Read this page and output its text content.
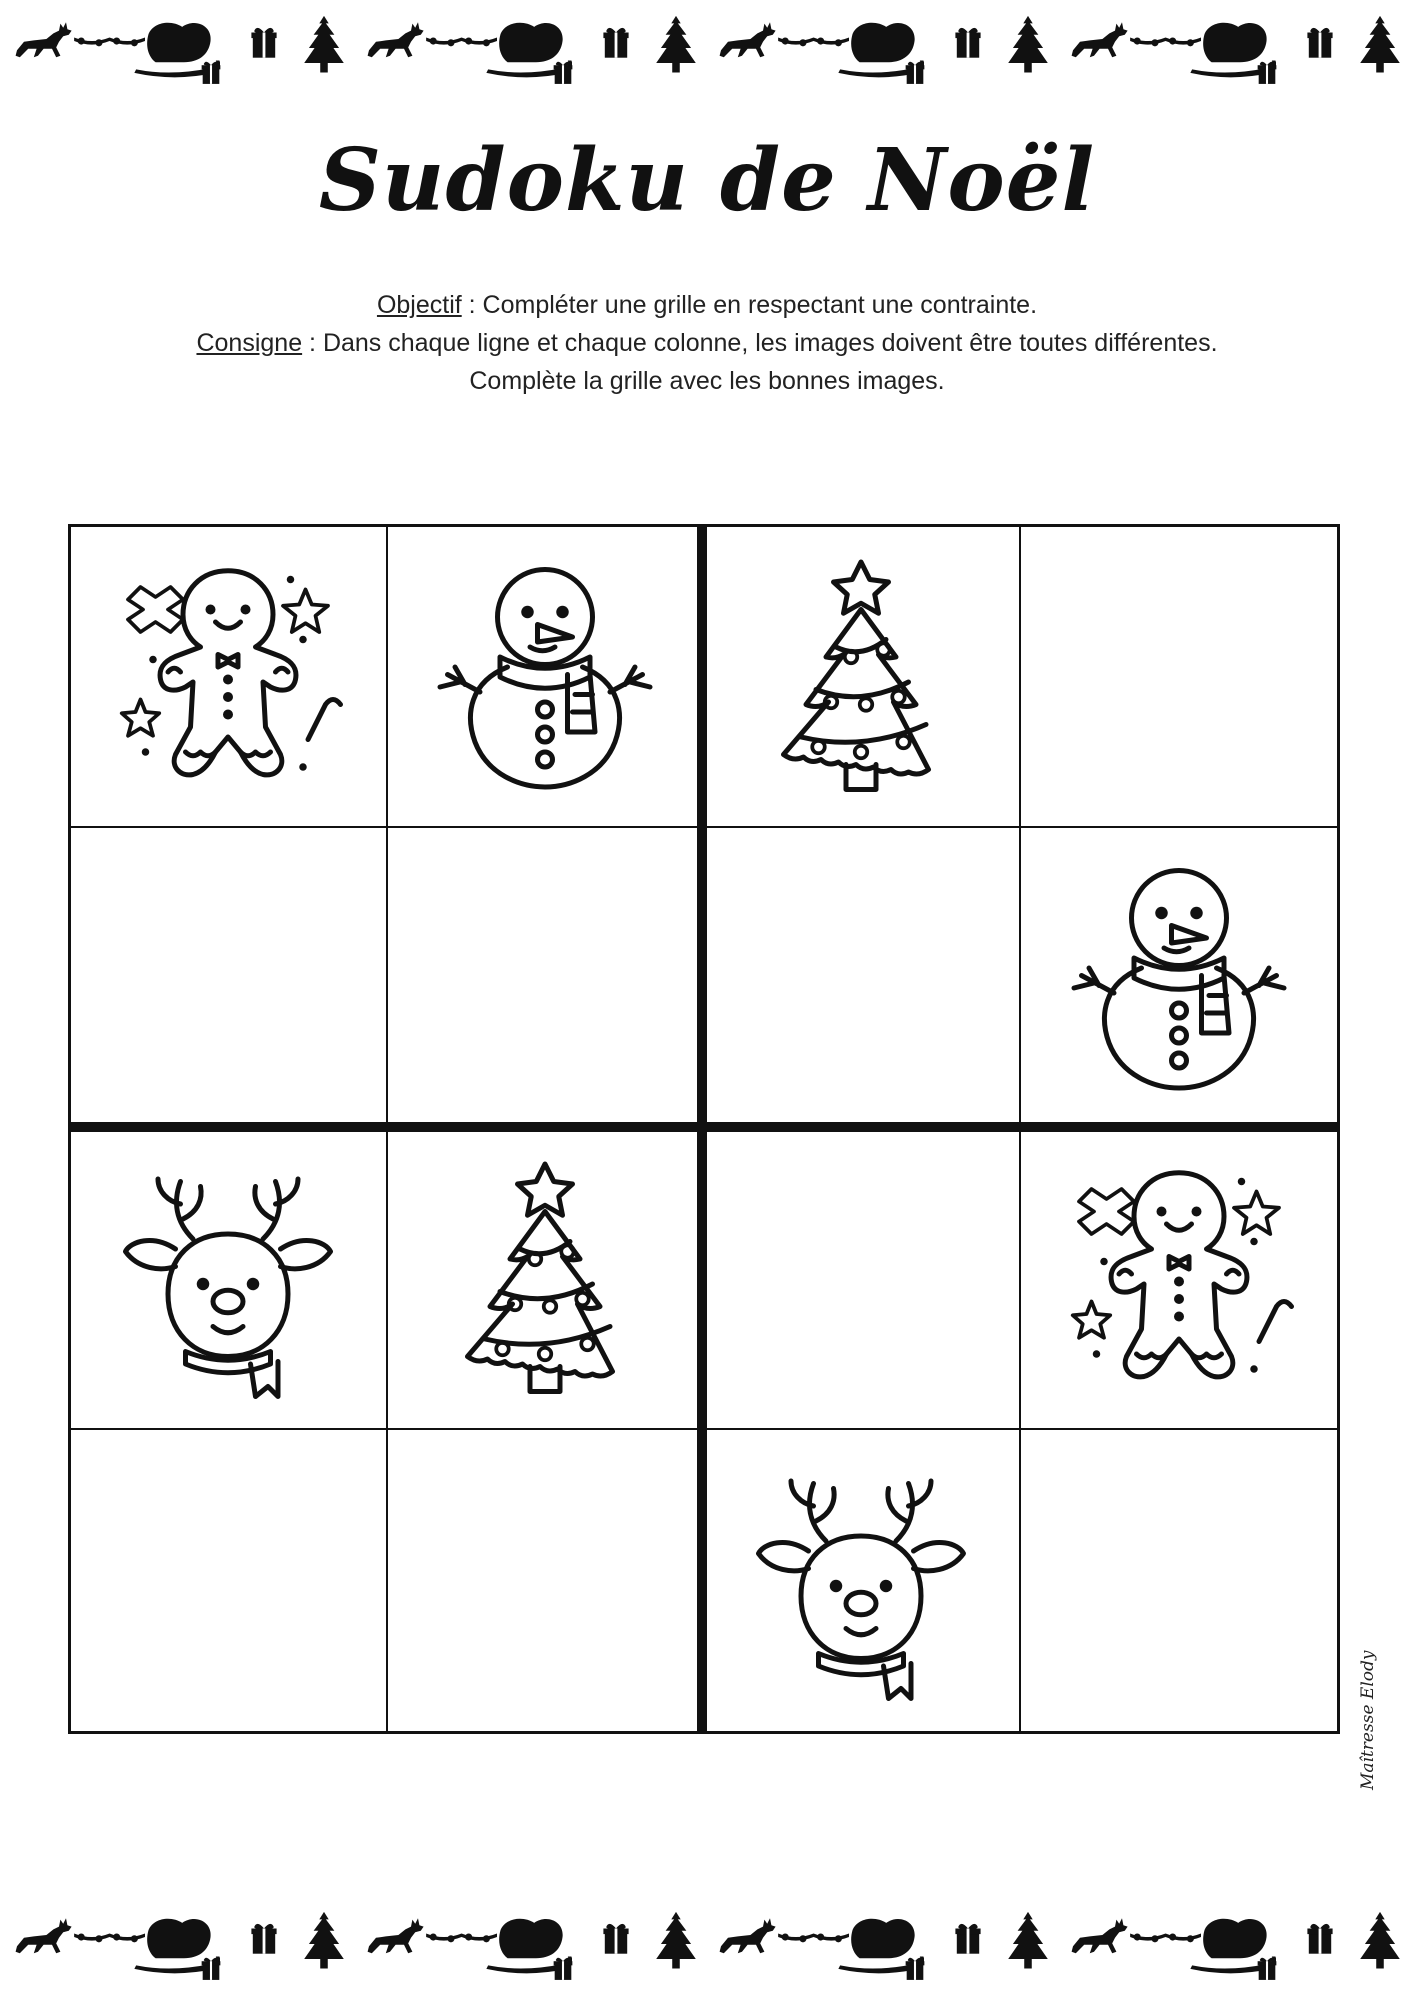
Sudoku de Noël
Objectif : Compléter une grille en respectant une contrainte.
Consigne : Dans chaque ligne et chaque colonne, les images doivent être toutes différentes.
Complète la grille avec les bonnes images.
Maîtresse Elody
